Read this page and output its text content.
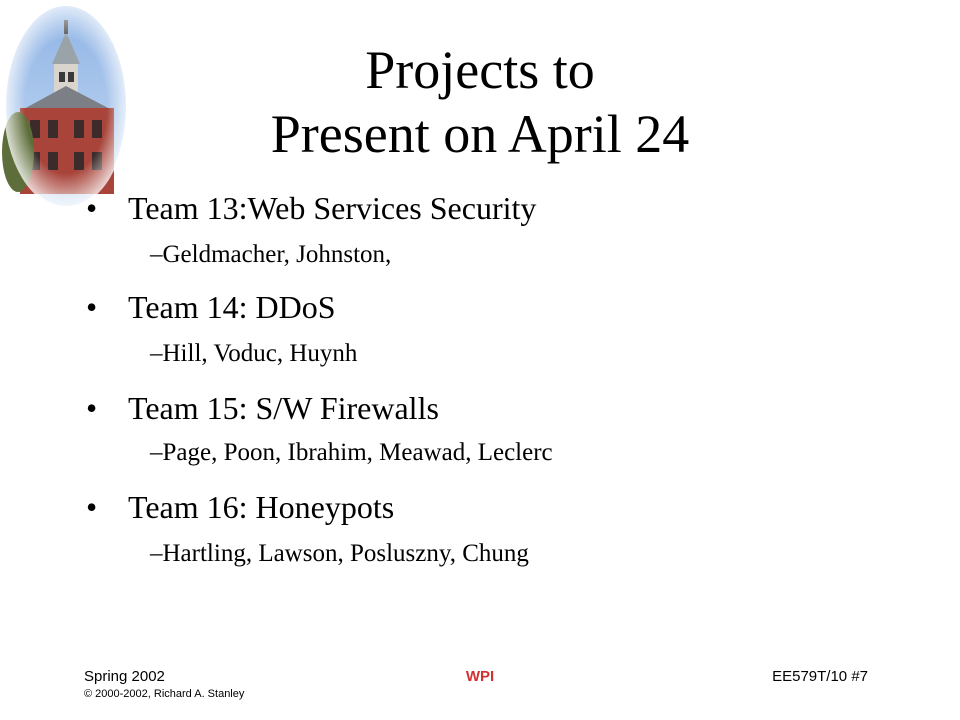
Projects to
Present on April 24
• Team 13:Web Services Security
–Geldmacher, Johnston,
• Team 14: DDoS
–Hill, Voduc, Huynh
• Team 15: S/W Firewalls
–Page, Poon, Ibrahim, Meawad, Leclerc
• Team 16: Honeypots
–Hartling, Lawson, Posluszny, Chung
Spring 2002
© 2000-2002, Richard A. Stanley
WPI	EE579T/10 #7
